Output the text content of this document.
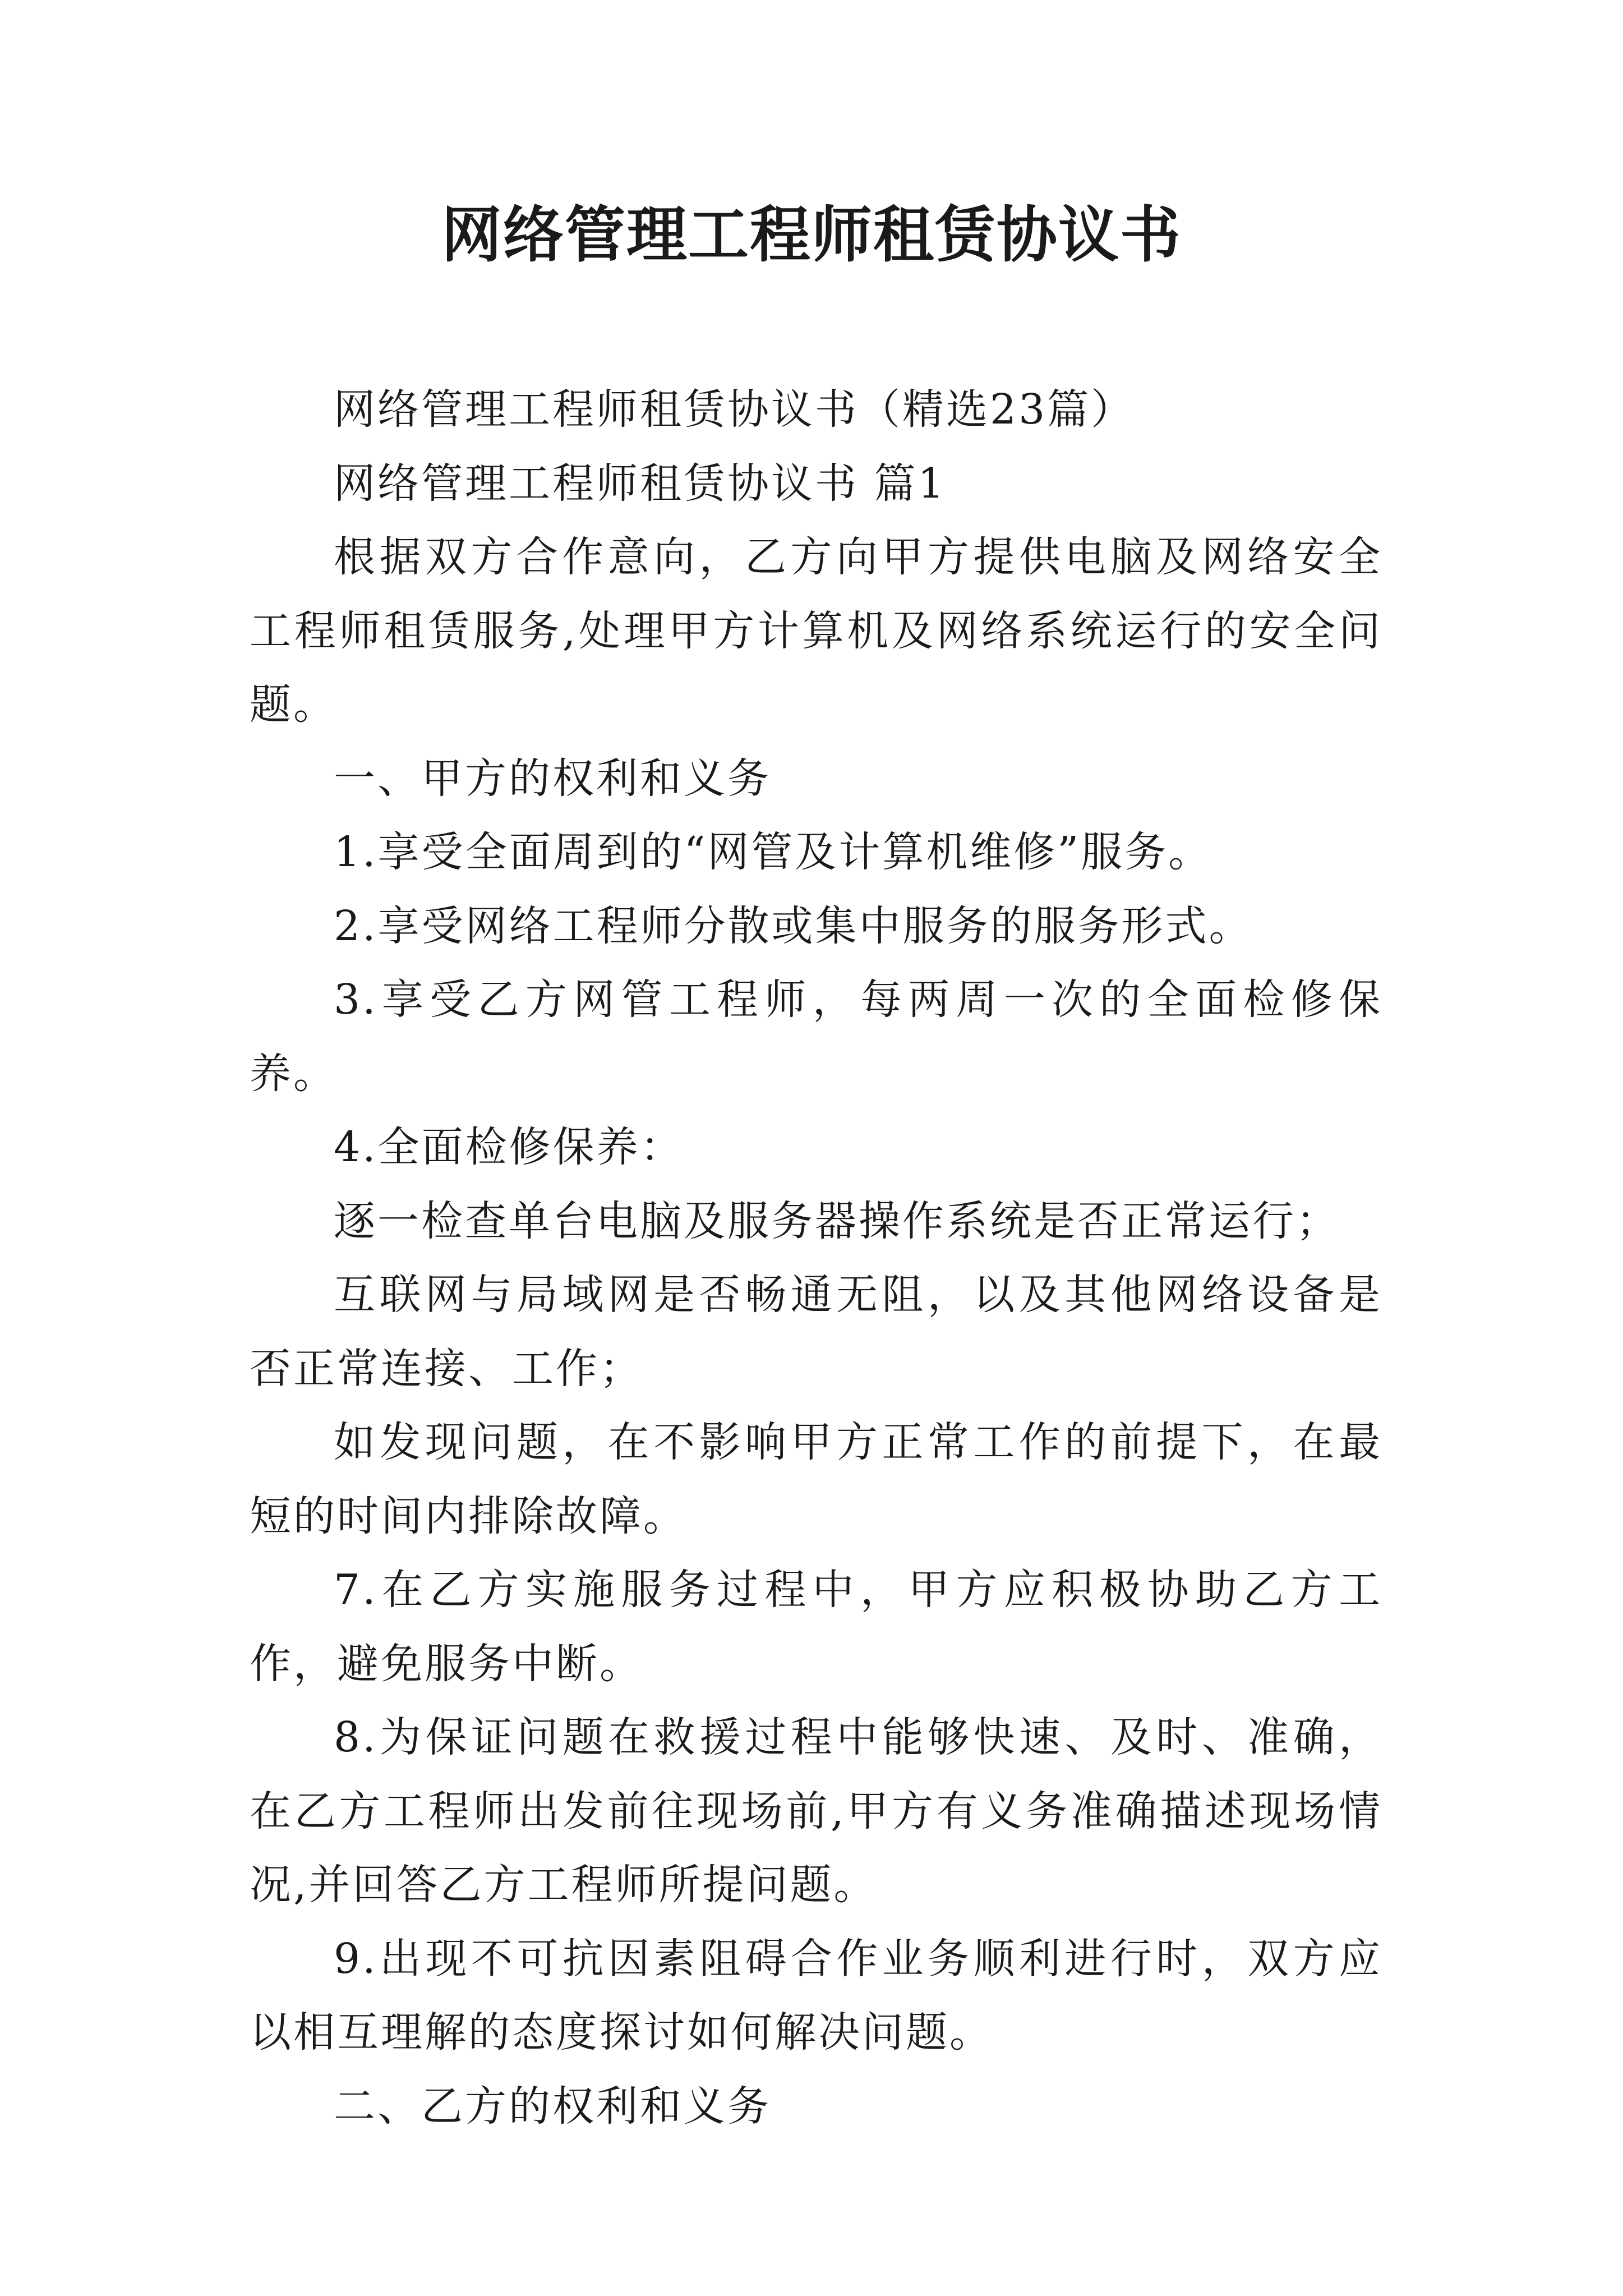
网络管理工程师租赁协议书

网络管理工程师租赁协议书（精选23篇）

网络管理工程师租赁协议书 篇1

根据双方合作意向，乙方向甲方提供电脑及网络安全工程师租赁服务,处理甲方计算机及网络系统运行的安全问题。

一、甲方的权利和义务

1.享受全面周到的“网管及计算机维修”服务。

2.享受网络工程师分散或集中服务的服务形式。

3.享受乙方网管工程师，每两周一次的全面检修保养。

4.全面检修保养：

逐一检查单台电脑及服务器操作系统是否正常运行；

互联网与局域网是否畅通无阻，以及其他网络设备是否正常连接、工作；

如发现问题，在不影响甲方正常工作的前提下，在最短的时间内排除故障。

7.在乙方实施服务过程中，甲方应积极协助乙方工作，避免服务中断。

8.为保证问题在救援过程中能够快速、及时、准确，在乙方工程师出发前往现场前,甲方有义务准确描述现场情况,并回答乙方工程师所提问题。

9.出现不可抗因素阻碍合作业务顺利进行时，双方应以相互理解的态度探讨如何解决问题。

二、乙方的权利和义务
